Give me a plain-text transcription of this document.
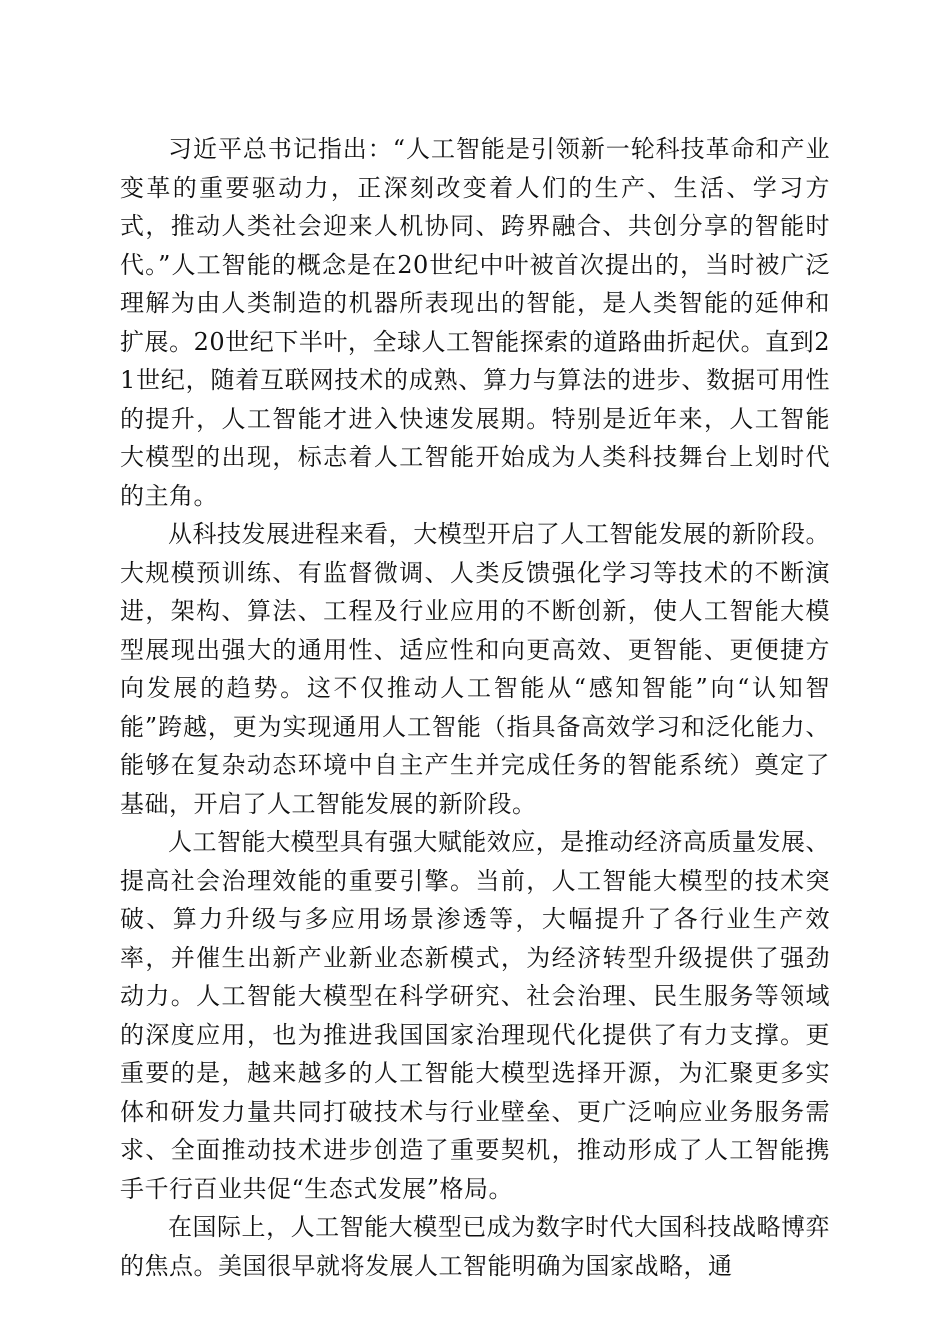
习近平总书记指出：“人工智能是引领新一轮科技革命和产业变革的重要驱动力，正深刻改变着人们的生产、生活、学习方式，推动人类社会迎来人机协同、跨界融合、共创分享的智能时代。”人工智能的概念是在20世纪中叶被首次提出的，当时被广泛理解为由人类制造的机器所表现出的智能，是人类智能的延伸和扩展。20世纪下半叶，全球人工智能探索的道路曲折起伏。直到21世纪，随着互联网技术的成熟、算力与算法的进步、数据可用性的提升，人工智能才进入快速发展期。特别是近年来，人工智能大模型的出现，标志着人工智能开始成为人类科技舞台上划时代的主角。

从科技发展进程来看，大模型开启了人工智能发展的新阶段。大规模预训练、有监督微调、人类反馈强化学习等技术的不断演进，架构、算法、工程及行业应用的不断创新，使人工智能大模型展现出强大的通用性、适应性和向更高效、更智能、更便捷方向发展的趋势。这不仅推动人工智能从“感知智能”向“认知智能”跨越，更为实现通用人工智能（指具备高效学习和泛化能力、能够在复杂动态环境中自主产生并完成任务的智能系统）奠定了基础，开启了人工智能发展的新阶段。

人工智能大模型具有强大赋能效应，是推动经济高质量发展、提高社会治理效能的重要引擎。当前，人工智能大模型的技术突破、算力升级与多应用场景渗透等，大幅提升了各行业生产效率，并催生出新产业新业态新模式，为经济转型升级提供了强劲动力。人工智能大模型在科学研究、社会治理、民生服务等领域的深度应用，也为推进我国国家治理现代化提供了有力支撑。更重要的是，越来越多的人工智能大模型选择开源，为汇聚更多实体和研发力量共同打破技术与行业壁垒、更广泛响应业务服务需求、全面推动技术进步创造了重要契机，推动形成了人工智能携手千行百业共促“生态式发展”格局。

在国际上，人工智能大模型已成为数字时代大国科技战略博弈的焦点。美国很早就将发展人工智能明确为国家战略，通
